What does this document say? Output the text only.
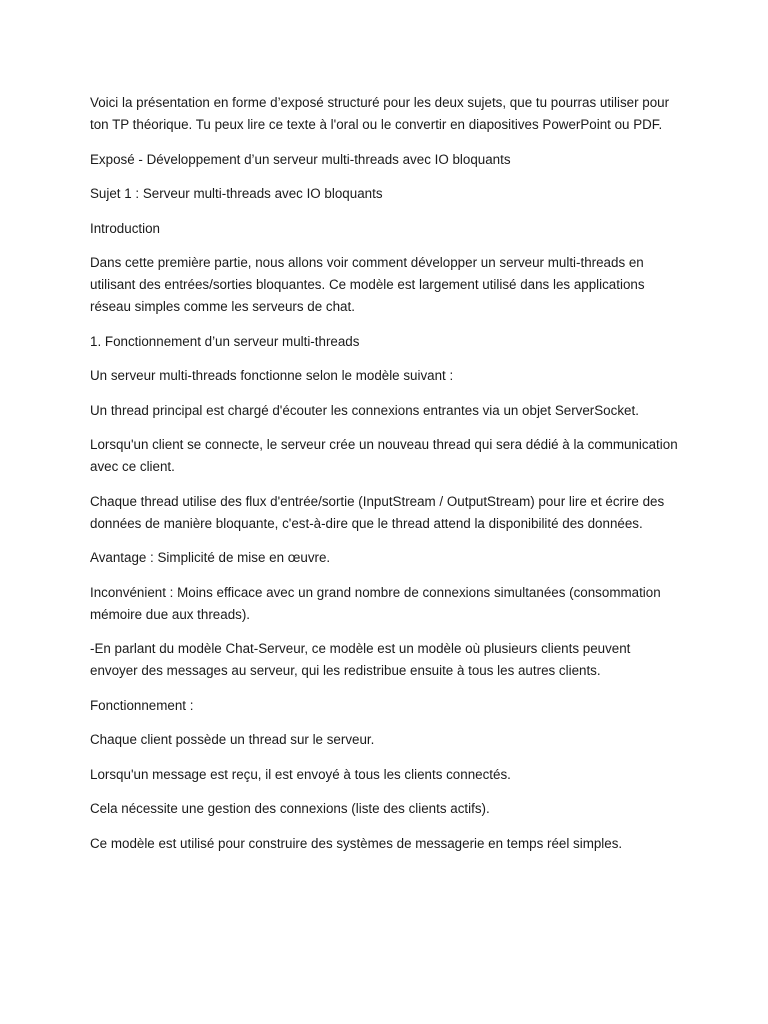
Voici la présentation en forme d’exposé structuré pour les deux sujets, que tu pourras utiliser pour ton TP théorique. Tu peux lire ce texte à l'oral ou le convertir en diapositives PowerPoint ou PDF.

Exposé - Développement d’un serveur multi-threads avec IO bloquants

Sujet 1 : Serveur multi-threads avec IO bloquants

Introduction

Dans cette première partie, nous allons voir comment développer un serveur multi-threads en utilisant des entrées/sorties bloquantes. Ce modèle est largement utilisé dans les applications réseau simples comme les serveurs de chat.

1. Fonctionnement d’un serveur multi-threads

Un serveur multi-threads fonctionne selon le modèle suivant :

Un thread principal est chargé d'écouter les connexions entrantes via un objet ServerSocket.

Lorsqu'un client se connecte, le serveur crée un nouveau thread qui sera dédié à la communication avec ce client.

Chaque thread utilise des flux d'entrée/sortie (InputStream / OutputStream) pour lire et écrire des données de manière bloquante, c'est-à-dire que le thread attend la disponibilité des données.

Avantage : Simplicité de mise en œuvre.

Inconvénient : Moins efficace avec un grand nombre de connexions simultanées (consommation mémoire due aux threads).

-En parlant du modèle Chat-Serveur, ce modèle est un modèle où plusieurs clients peuvent envoyer des messages au serveur, qui les redistribue ensuite à tous les autres clients.

Fonctionnement :

Chaque client possède un thread sur le serveur.

Lorsqu'un message est reçu, il est envoyé à tous les clients connectés.

Cela nécessite une gestion des connexions (liste des clients actifs).

Ce modèle est utilisé pour construire des systèmes de messagerie en temps réel simples.
